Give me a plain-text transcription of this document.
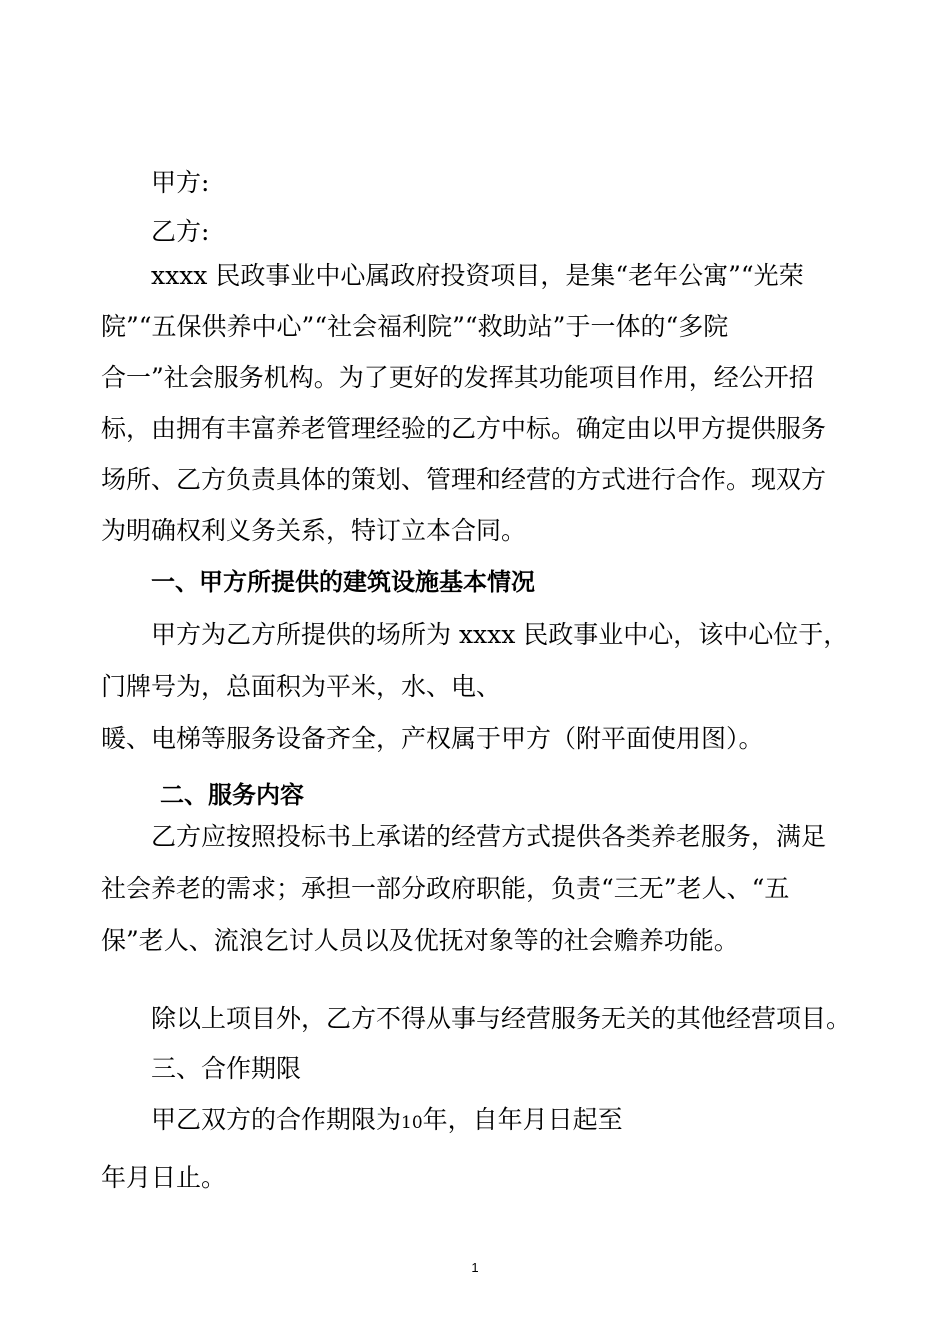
甲方:

乙方:

xxxx 民政事业中心属政府投资项目，是集“老年公寓”“光荣

院”“五保供养中心”“社会福利院”“救助站”于一体的“多院

合一”社会服务机构。为了更好的发挥其功能项目作用，经公开招

标，由拥有丰富养老管理经验的乙方中标。确定由以甲方提供服务

场所、乙方负责具体的策划、管理和经营的方式进行合作。现双方

为明确权利义务关系，特订立本合同。

一、甲方所提供的建筑设施基本情况

甲方为乙方所提供的场所为 xxxx 民政事业中心，该中心位于，

门牌号为，总面积为平米，水、电、

暖、电梯等服务设备齐全，产权属于甲方（附平面使用图）。

二、服务内容

乙方应按照投标书上承诺的经营方式提供各类养老服务，满足

社会养老的需求；承担一部分政府职能，负责“三无”老人、“五

保”老人、流浪乞讨人员以及优抚对象等的社会赡养功能。

除以上项目外，乙方不得从事与经营服务无关的其他经营项目。

三、合作期限

甲乙双方的合作期限为10年，自年月日起至

年月日止。

1
